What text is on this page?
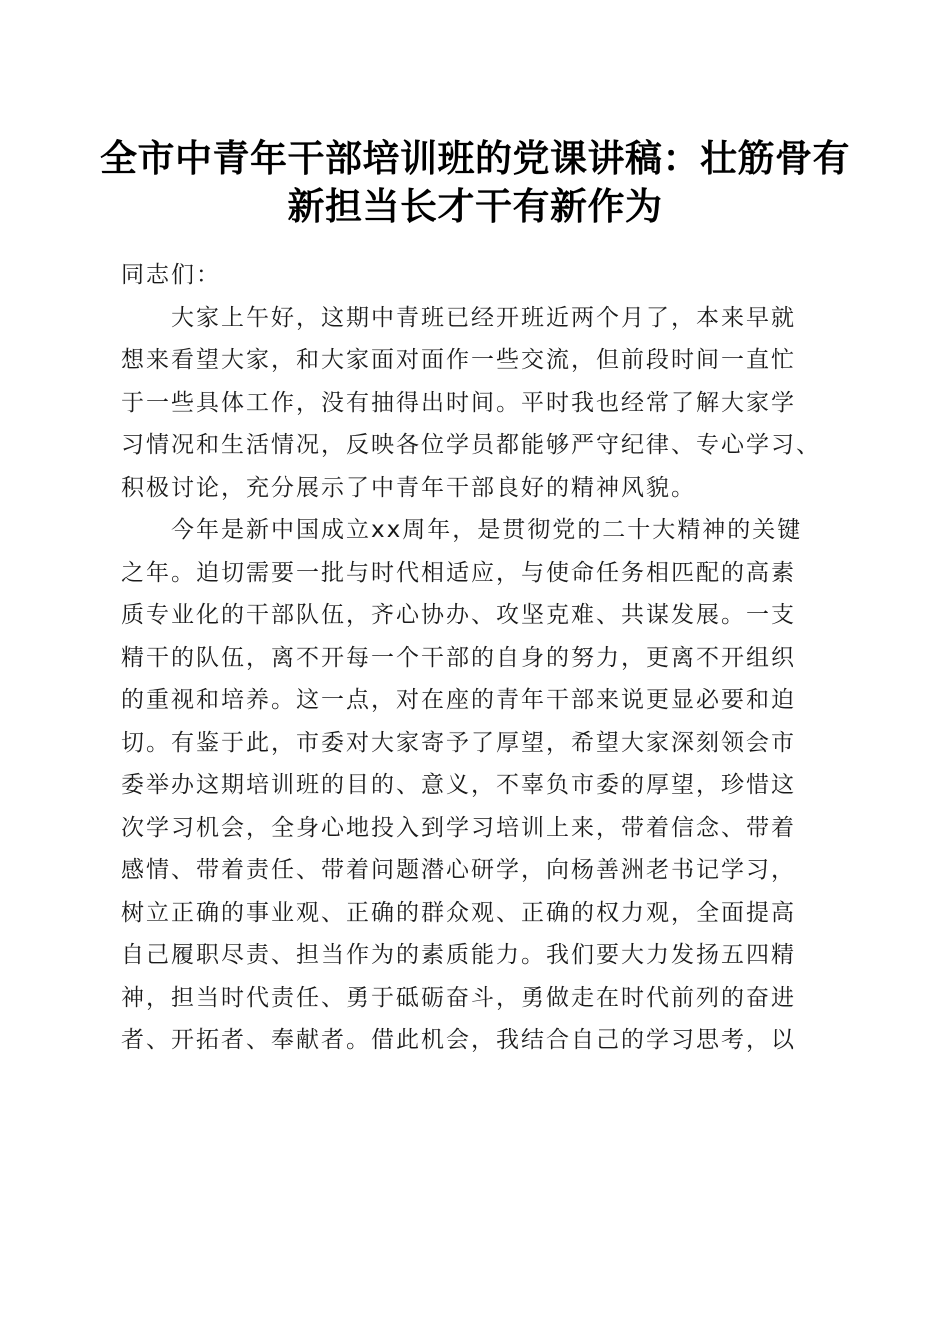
全市中青年干部培训班的党课讲稿：壮筋骨有
新担当长才干有新作为
同志们：
大家上午好，这期中青班已经开班近两个月了，本来早就
想来看望大家，和大家面对面作一些交流，但前段时间一直忙
于一些具体工作，没有抽得出时间。平时我也经常了解大家学
习情况和生活情况，反映各位学员都能够严守纪律、专心学习、
积极讨论，充分展示了中青年干部良好的精神风貌。
今年是新中国成立xx周年，是贯彻党的二十大精神的关键
之年。迫切需要一批与时代相适应，与使命任务相匹配的高素
质专业化的干部队伍，齐心协办、攻坚克难、共谋发展。一支
精干的队伍，离不开每一个干部的自身的努力，更离不开组织
的重视和培养。这一点，对在座的青年干部来说更显必要和迫
切。有鉴于此，市委对大家寄予了厚望，希望大家深刻领会市
委举办这期培训班的目的、意义，不辜负市委的厚望，珍惜这
次学习机会，全身心地投入到学习培训上来，带着信念、带着
感情、带着责任、带着问题潜心研学，向杨善洲老书记学习，
树立正确的事业观、正确的群众观、正确的权力观，全面提高
自己履职尽责、担当作为的素质能力。我们要大力发扬五四精
神，担当时代责任、勇于砥砺奋斗，勇做走在时代前列的奋进
者、开拓者、奉献者。借此机会，我结合自己的学习思考，以
